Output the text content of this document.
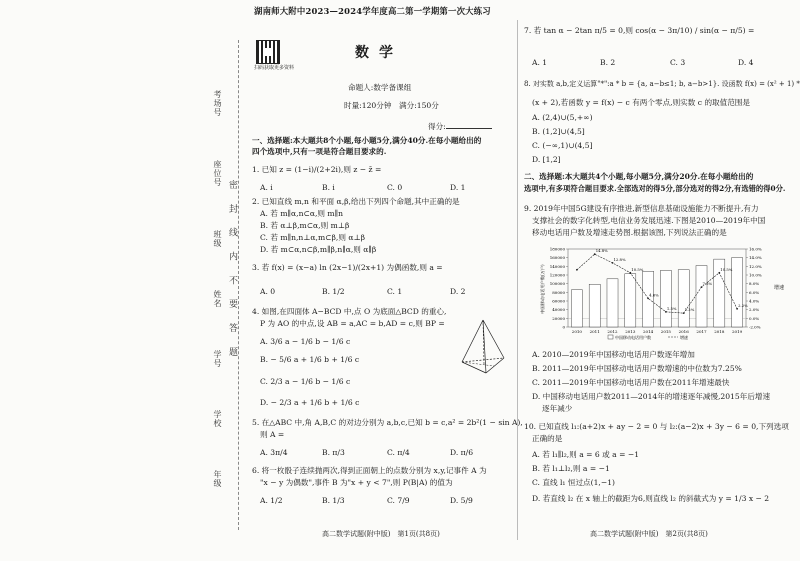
考场号
座位号
班级
姓名
学号
学校
年级
密 封 线 内 不 要 答 题
湖南师大附中2023—2024学年度高二第一学期第一次大练习
扫码获取更多资料
数学
命题人:数学备课组
时量:120分钟　满分:150分
得分:
一、选择题:本大题共8个小题,每小题5分,满分40分.在每小题给出的
四个选项中,只有一项是符合题目要求的.
1. 已知 z = (1−i)/(2+2i),则 z − z̄ =
A. i	B. i	C. 0	D. 1
2. 已知直线 m,n 和平面 α,β,给出下列四个命题,其中正确的是
A. 若 m∥α,n⊂α,则 m∥n
B. 若 α⊥β,m⊂α,则 m⊥β
C. 若 m∥n,n⊥α,m⊂β,则 α⊥β
D. 若 m⊂α,n⊂β,m∥β,n∥α,则 α∥β
3. 若 f(x) = (x−a) ln (2x−1)/(2x+1) 为偶函数,则 a =
A. 0	B. 1/2	C. 1	D. 2
4. 如图,在四面体 A−BCD 中,点 O 为底面△BCD 的重心,
P 为 AO 的中点,设 AB = a,AC = b,AD = c,则 BP =
A. 3/6 a − 1/6 b − 1/6 c
B. − 5/6 a + 1/6 b + 1/6 c
C. 2/3 a − 1/6 b − 1/6 c
D. − 2/3 a + 1/6 b + 1/6 c
5. 在△ABC 中,角 A,B,C 的对边分别为 a,b,c,已知 b = c,a² = 2b²(1 − sin A),
则 A =
A. 3π/4	B. π/3	C. π/4	D. π/6
6. 将一枚骰子连续抛两次,得到正面朝上的点数分别为 x,y,记事件 A 为
"x − y 为偶数",事件 B 为"x + y < 7",则 P(B|A) 的值为
A. 1/2	B. 1/3	C. 7/9	D. 5/9
高二数学试题(附中版)　第1页(共8页)
7. 若 tan α − 2tan π/5 = 0,则 cos(α − 3π/10) / sin(α − π/5) =
A. 1	B. 2	C. 3	D. 4
8. 对实数 a,b,定义运算"*":a * b = {a, a−b≤1; b, a−b>1}. 设函数 f(x) = (x² + 1) *
(x + 2),若函数 y = f(x) − c 有两个零点,则实数 c 的取值范围是
A. (2,4)∪(5,+∞)
B. (1,2]∪(4,5]
C. (−∞,1)∪(4,5]
D. [1,2]
二、选择题:本大题共4个小题,每小题5分,满分20分.在每小题给出的
选项中,有多项符合题目要求.全部选对的得5分,部分选对的得2分,有选错的得0分.
9. 2019年中国5G建设有序推进,新型信息基础设施能力不断提升,有力
支撑社会的数字化转型,电信业务发展迅速.下图是2010—2019年中国
移动电话用户数及增速走势图.根据该图,下列说法正确的是
0
20000
40000
60000
80000
100000
120000
140000
160000
180000
-2.0%
0.0%
2.0%
4.0%
6.0%
8.0%
10.0%
12.0%
14.0%
16.0%
2010 2011 2012 2013 2014 2015 2016 2017 2018 2019
14.8%
12.8%
10.5%
4.6%
1.5% 1.2%
7.2%
10.5%
2.2%
中国移动电话用户数	增速
中国移动电话用户数(万户)	增速
A. 2010—2019年中国移动电话用户数逐年增加
B. 2011—2019年中国移动电话用户数增速的中位数为7.25%
C. 2011—2019年中国移动电话用户数在2011年增速最快
D. 中国移动电话用户数2011—2014年的增速逐年减慢,2015年后增速
逐年减少
10. 已知直线 l₁:(a+2)x + ay − 2 = 0 与 l₂:(a−2)x + 3y − 6 = 0,下列选项
正确的是
A. 若 l₁∥l₂,则 a = 6 或 a = −1
B. 若 l₁⊥l₂,则 a = −1
C. 直线 l₁ 恒过点(1,−1)
D. 若直线 l₂ 在 x 轴上的截距为6,则直线 l₂ 的斜截式为 y = 1/3 x − 2
高二数学试题(附中版)　第2页(共8页)
